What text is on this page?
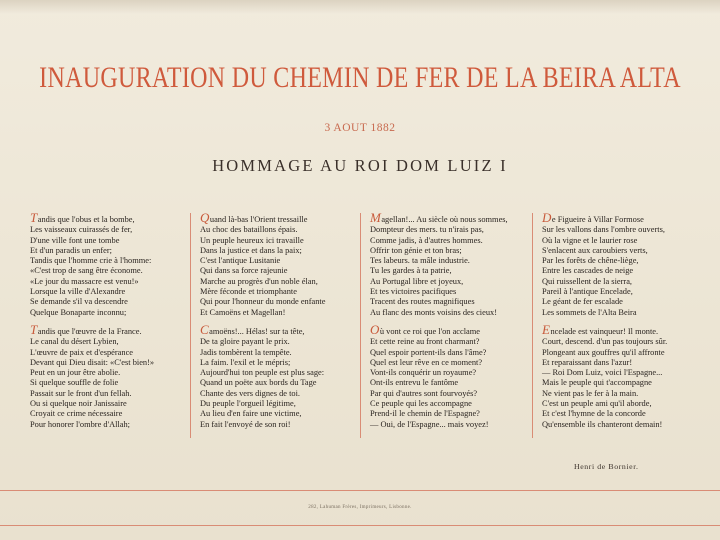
INAUGURATION DU CHEMIN DE FER DE LA BEIRA ALTA
3 AOUT 1882
HOMMAGE AU ROI DOM LUIZ I
Tandis que l'obus et la bombe,
Les vaisseaux cuirassés de fer,
D'une ville font une tombe
Et d'un paradis un enfer;
Tandis que l'homme crie à l'homme:
«C'est trop de sang être économe.
«Le jour du massacre est venu!»
Lorsque la ville d'Alexandre
Se demande s'il va descendre
Quelque Bonaparte inconnu;
Tandis que l'œuvre de la France.
Le canal du désert Lybien,
L'œuvre de paix et d'espérance
Devant qui Dieu disait: «C'est bien!»
Peut en un jour être abolie.
Si quelque souffle de folie
Passait sur le front d'un fellah.
Ou si quelque noir Janissaire
Croyait ce crime nécessaire
Pour honorer l'ombre d'Allah;
Quand là-bas l'Orient tressaille
Au choc des bataillons épais.
Un peuple heureux ici travaille
Dans la justice et dans la paix;
C'est l'antique Lusitanie
Qui dans sa force rajeunie
Marche au progrès d'un noble élan,
Mère féconde et triomphante
Qui pour l'honneur du monde enfante
Et Camoëns et Magellan!
Camoëns!... Hélas! sur ta tête,
De ta gloire payant le prix.
Jadis tombèrent la tempête.
La faim. l'exil et le mépris;
Aujourd'hui ton peuple est plus sage:
Quand un poëte aux bords du Tage
Chante des vers dignes de toi.
Du peuple l'orgueil légitime,
Au lieu d'en faire une victime,
En fait l'envoyé de son roi!
Magellan!... Au siècle où nous sommes,
Dompteur des mers. tu n'irais pas,
Comme jadis, à d'autres hommes.
Offrir ton génie et ton bras;
Tes labeurs. ta mâle industrie.
Tu les gardes à ta patrie,
Au Portugal libre et joyeux,
Et tes victoires pacifiques
Tracent des routes magnifiques
Au flanc des monts voisins des cieux!
Où vont ce roi que l'on acclame
Et cette reine au front charmant?
Quel espoir portent-ils dans l'âme?
Quel est leur rêve en ce moment?
Vont-ils conquérir un royaume?
Ont-ils entrevu le fantôme
Par qui d'autres sont fourvoyés?
Ce peuple qui les accompagne
Prend-il le chemin de l'Espagne?
— Oui, de l'Espagne... mais voyez!
De Figueire à Villar Formose
Sur les vallons dans l'ombre ouverts,
Où la vigne et le laurier rose
S'enlacent aux caroubiers verts,
Par les forêts de chêne-liège,
Entre les cascades de neige
Qui ruissellent de la sierra,
Pareil à l'antique Encelade,
Le géant de fer escalade
Les sommets de l'Alta Beira
Encelade est vainqueur! Il monte.
Court, descend. d'un pas toujours sûr.
Plongeant aux gouffres qu'il affronte
Et reparaissant dans l'azur!
— Roi Dom Luiz, voici l'Espagne...
Mais le peuple qui t'accompagne
Ne vient pas le fer à la main.
C'est un peuple ami qu'il aborde,
Et c'est l'hymne de la concorde
Qu'ensemble ils chanteront demain!
Henri de Bornier.
282, Lahuman Frères, Imprimeurs, Lisbonne.
